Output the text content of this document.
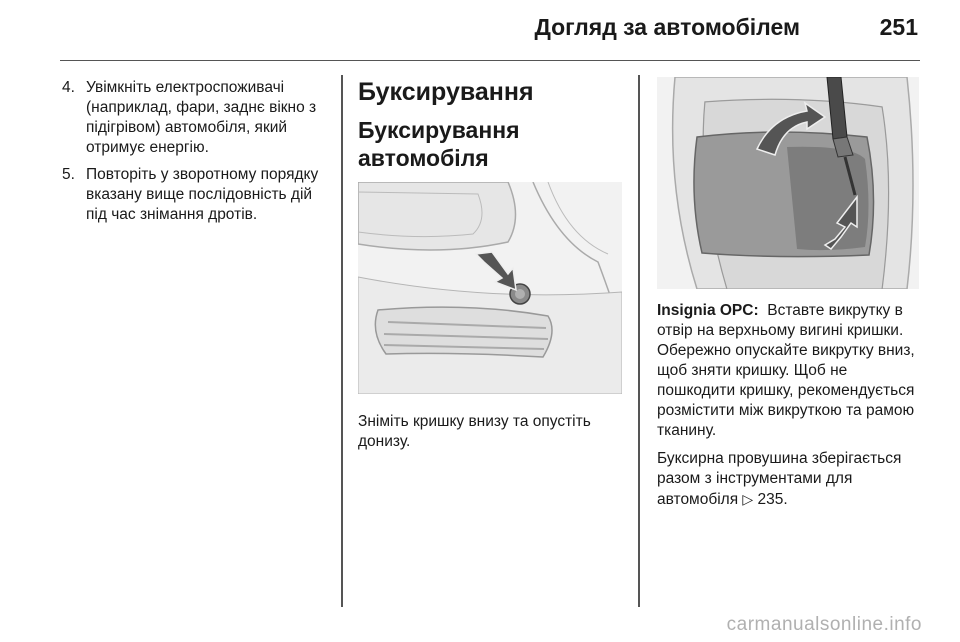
Догляд за автомобілем	251
4. Увімкніть електроспоживачі (наприклад, фари, заднє вікно з підігрівом) автомобіля, який отримує енергію.
5. Повторіть у зворотному порядку вказану вище послідовність дій під час знімання дротів.
Буксирування
Буксирування автомобіля
Зніміть кришку внизу та опустіть донизу.
Insignia OPC: Вставте викрутку в отвір на верхньому вигині кришки. Обережно опускайте викрутку вниз, щоб зняти кришку. Щоб не пошкодити кришку, рекомендується розмістити між викруткою та рамою тканину.
Буксирна провушина зберігається разом з інструментами для автомобіля ▷ 235.
carmanualsonline.info
